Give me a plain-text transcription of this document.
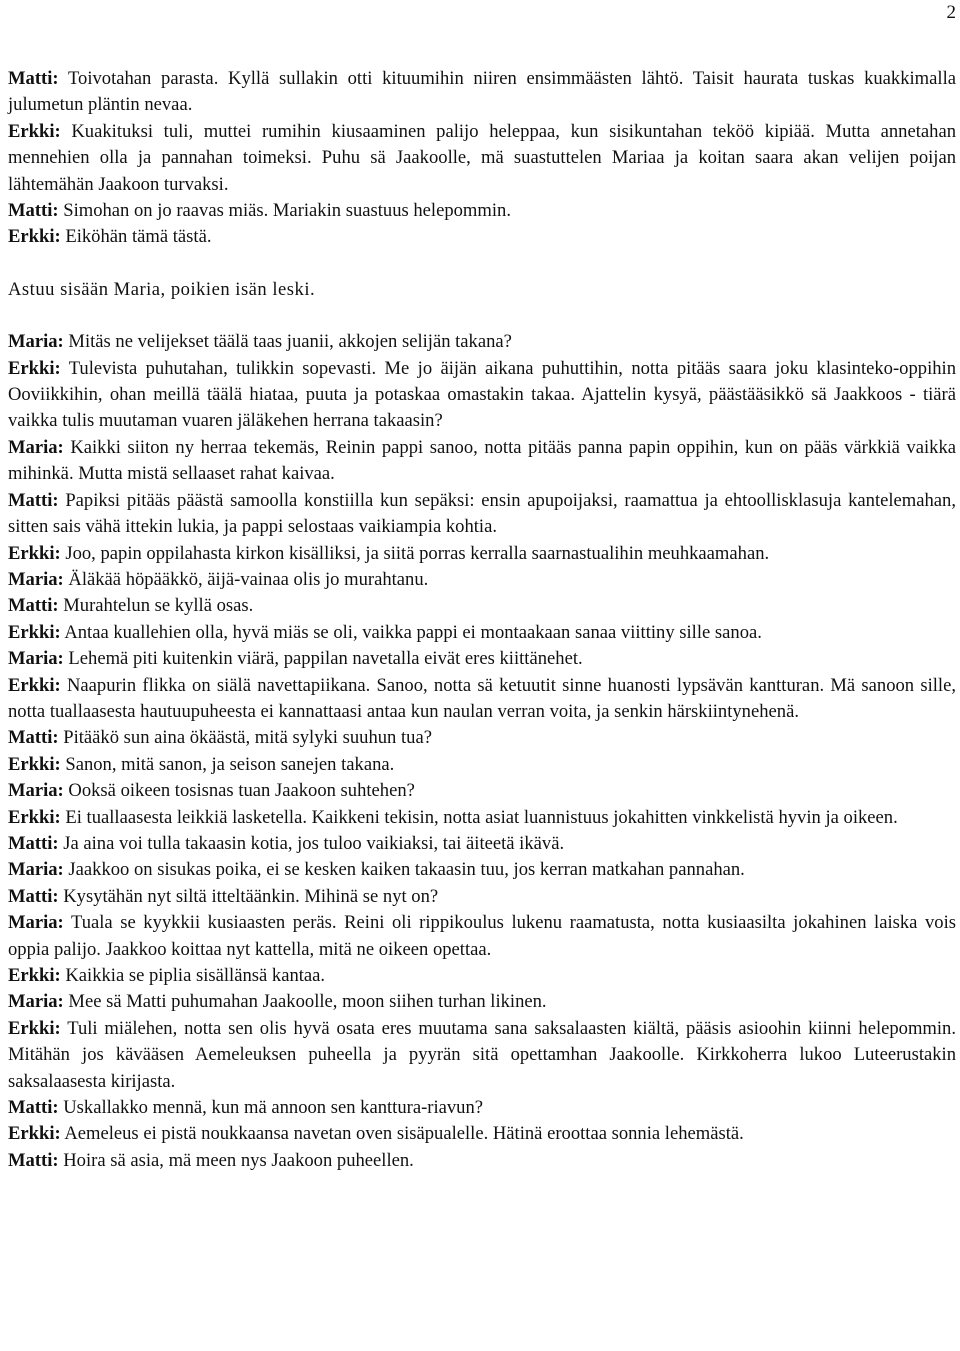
2

Matti: Toivotahan parasta. Kyllä sullakin otti kituumihin niiren ensimmäästen lähtö. Taisit haurata tuskas kuakkimalla julumetun pläntin nevaa.

Erkki: Kuakituksi tuli, muttei rumihin kiusaaminen palijo heleppaa, kun sisikuntahan teköö kipiää. Mutta annetahan mennehien olla ja pannahan toimeksi. Puhu sä Jaakoolle, mä suastuttelen Mariaa ja koitan saara akan velijen poijan lähtemähän Jaakoon turvaksi.

Matti: Simohan on jo raavas miäs. Mariakin suastuus helepommin.

Erkki: Eiköhän tämä tästä.

Astuu sisään Maria, poikien isän leski.

Maria: Mitäs ne velijekset täälä taas juanii, akkojen selijän takana?

Erkki: Tulevista puhutahan, tulikkin sopevasti. Me jo äijän aikana puhuttihin, notta pitääs saara joku klasinteko-oppihin Ooviikkihin, ohan meillä täälä hiataa, puuta ja potaskaa omastakin takaa. Ajattelin kysyä, päästääsikkö sä Jaakkoos - tiärä vaikka tulis muutaman vuaren jäläkehen herrana takaasin?

Maria: Kaikki siiton ny herraa tekemäs, Reinin pappi sanoo, notta pitääs panna papin oppihin, kun on pääs värkkiä vaikka mihinkä. Mutta mistä sellaaset rahat kaivaa.

Matti: Papiksi pitääs päästä samoolla konstiilla kun sepäksi: ensin apupoijaksi, raamattua ja ehtoollisklasuja kantelemahan, sitten sais vähä ittekin lukia, ja pappi selostaas vaikiampia kohtia.

Erkki: Joo, papin oppilahasta kirkon kisälliksi, ja siitä porras kerralla saarnastualihin meuhkaamahan.

Maria: Äläkää höpääkkö, äijä-vainaa olis jo murahtanu.

Matti: Murahtelun se kyllä osas.

Erkki: Antaa kuallehien olla, hyvä miäs se oli, vaikka pappi ei montaakaan sanaa viittiny sille sanoa.

Maria: Lehemä piti kuitenkin viärä, pappilan navetalla eivät eres kiittänehet.

Erkki: Naapurin flikka on siälä navettapiikana. Sanoo, notta sä ketuutit sinne huanosti lypsävän kantturan. Mä sanoon sille, notta tuallaasesta hautuupuheesta ei kannattaasi antaa kun naulan verran voita, ja senkin härskiintynehenä.

Matti: Pitääkö sun aina ökäästä, mitä sylyki suuhun tua?

Erkki: Sanon, mitä sanon, ja seison sanejen takana.

Maria: Ooksä oikeen tosisnas tuan Jaakoon suhtehen?

Erkki: Ei tuallaasesta leikkiä lasketella. Kaikkeni tekisin, notta asiat luannistuus jokahitten vinkkelistä hyvin ja oikeen.

Matti: Ja aina voi tulla takaasin kotia, jos tuloo vaikiaksi, tai äiteetä ikävä.

Maria: Jaakkoo on sisukas poika, ei se kesken kaiken takaasin tuu, jos kerran matkahan pannahan.

Matti: Kysytähän nyt siltä itteltäänkin. Mihinä se nyt on?

Maria: Tuala se kyykkii kusiaasten peräs. Reini oli rippikoulus lukenu raamatusta, notta kusiaasilta jokahinen laiska vois oppia palijo. Jaakkoo koittaa nyt kattella, mitä ne oikeen opettaa.

Erkki: Kaikkia se piplia sisällänsä kantaa.

Maria: Mee sä Matti puhumahan Jaakoolle, moon siihen turhan likinen.

Erkki: Tuli miälehen, notta sen olis hyvä osata eres muutama sana saksalaasten kiältä, pääsis asioohin kiinni helepommin. Mitähän jos kävääsen Aemeleuksen puheella ja pyyrän sitä opettamhan Jaakoolle. Kirkkoherra lukoo Luteerustakin saksalaasesta kirijasta.

Matti: Uskallakko mennä, kun mä annoon sen kanttura-riavun?

Erkki: Aemeleus ei pistä noukkaansa navetan oven sisäpualelle. Hätinä eroottaa sonnia lehemästä.

Matti: Hoira sä asia, mä meen nys Jaakoon puheellen.
